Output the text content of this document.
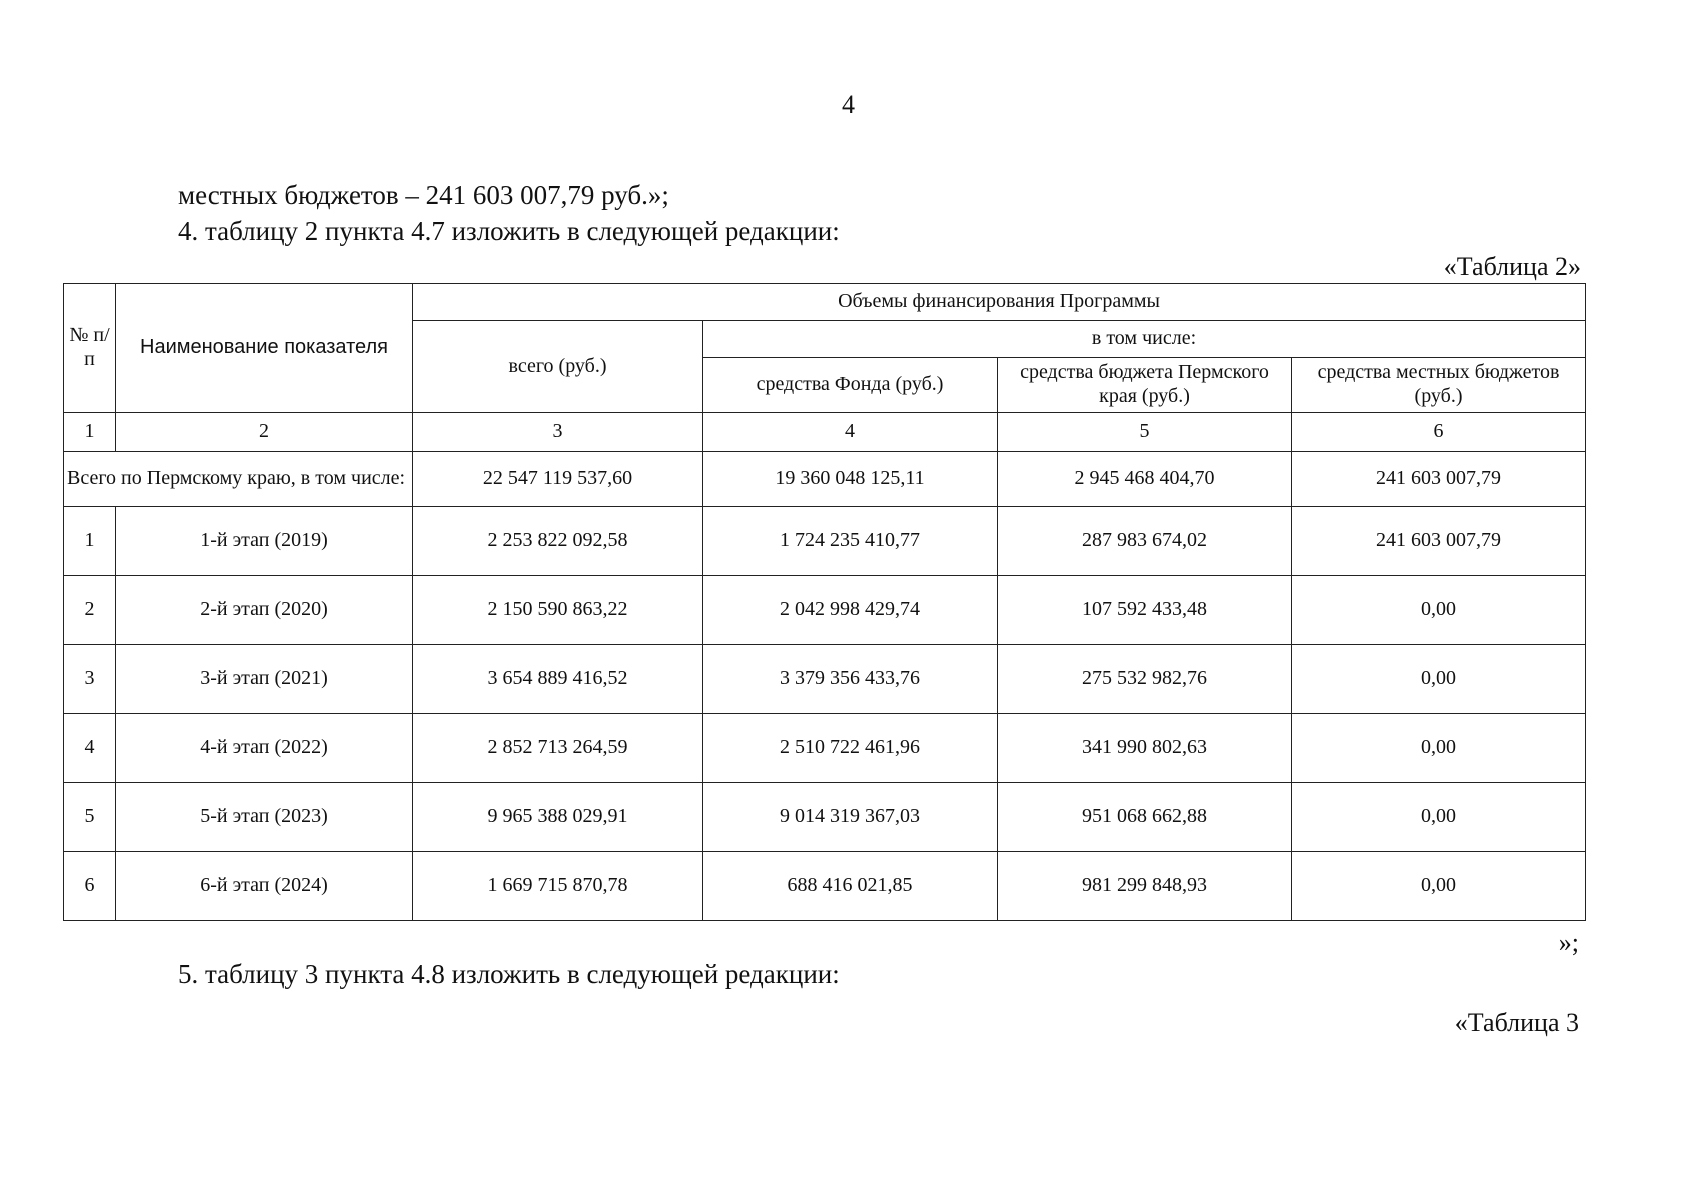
4
местных бюджетов – 241 603 007,79 руб.»;
4. таблицу 2 пункта 4.7 изложить в следующей редакции:
«Таблица 2»
№ п/п	Наименование показателя	Объемы финансирования Программы			
		всего (руб.)	в том числе:		
			средства Фонда (руб.)	средства бюджета Пермского края (руб.)	средства местных бюджетов (руб.)
1	2	3	4	5	6
Всего по Пермскому краю, в том числе:		22 547 119 537,60	19 360 048 125,11	2 945 468 404,70	241 603 007,79
1	1-й этап (2019)	2 253 822 092,58	1 724 235 410,77	287 983 674,02	241 603 007,79
2	2-й этап (2020)	2 150 590 863,22	2 042 998 429,74	107 592 433,48	0,00
3	3-й этап (2021)	3 654 889 416,52	3 379 356 433,76	275 532 982,76	0,00
4	4-й этап (2022)	2 852 713 264,59	2 510 722 461,96	341 990 802,63	0,00
5	5-й этап (2023)	9 965 388 029,91	9 014 319 367,03	951 068 662,88	0,00
6	6-й этап (2024)	1 669 715 870,78	688 416 021,85	981 299 848,93	0,00
»;
5. таблицу 3 пункта 4.8 изложить в следующей редакции:
«Таблица 3
